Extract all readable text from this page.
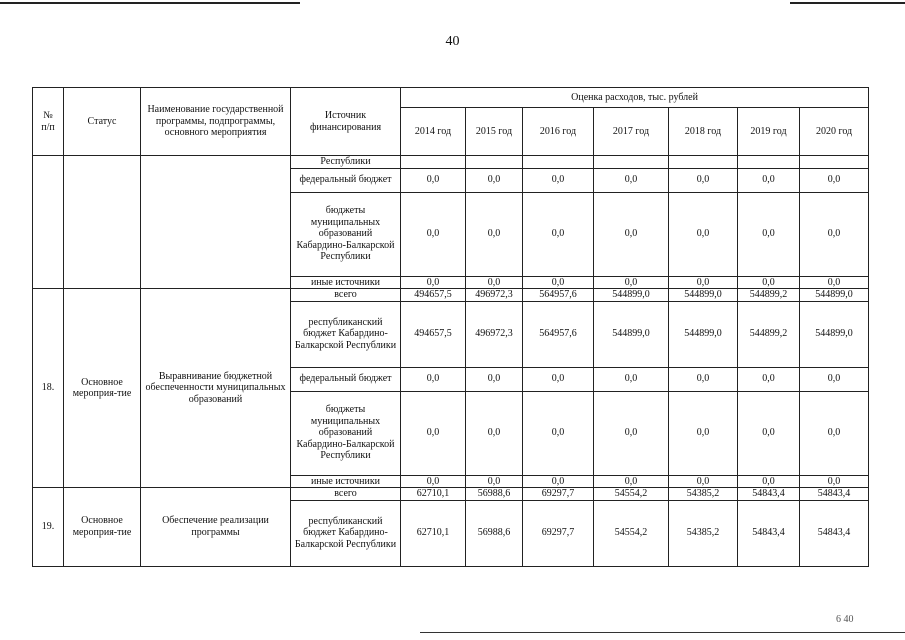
40
№
п/п	Статус	Наименование государственной программы, подпрограммы, основного мероприятия	Источник финансирования	Оценка расходов, тыс. рублей						
				2014 год	2015 год	2016 год	2017 год	2018 год	2019 год	2020 год
			Республики							
			федеральный бюджет	0,0	0,0	0,0	0,0	0,0	0,0	0,0
			бюджеты муниципальных образований Кабардино-Балкарской Республики	0,0	0,0	0,0	0,0	0,0	0,0	0,0
			иные источники	0,0	0,0	0,0	0,0	0,0	0,0	0,0
18.	Основное мероприя-тие	Выравнивание бюджетной обеспеченности муниципальных образований	всего	494657,5	496972,3	564957,6	544899,0	544899,0	544899,2	544899,0
			республиканский бюджет Кабардино-Балкарской Республики	494657,5	496972,3	564957,6	544899,0	544899,0	544899,2	544899,0
			федеральный бюджет	0,0	0,0	0,0	0,0	0,0	0,0	0,0
			бюджеты муниципальных образований Кабардино-Балкарской Республики	0,0	0,0	0,0	0,0	0,0	0,0	0,0
			иные источники	0,0	0,0	0,0	0,0	0,0	0,0	0,0
19.	Основное мероприя-тие	Обеспечение реализации программы	всего	62710,1	56988,6	69297,7	54554,2	54385,2	54843,4	54843,4
			республиканский бюджет Кабардино-Балкарской Республики	62710,1	56988,6	69297,7	54554,2	54385,2	54843,4	54843,4
6 40
